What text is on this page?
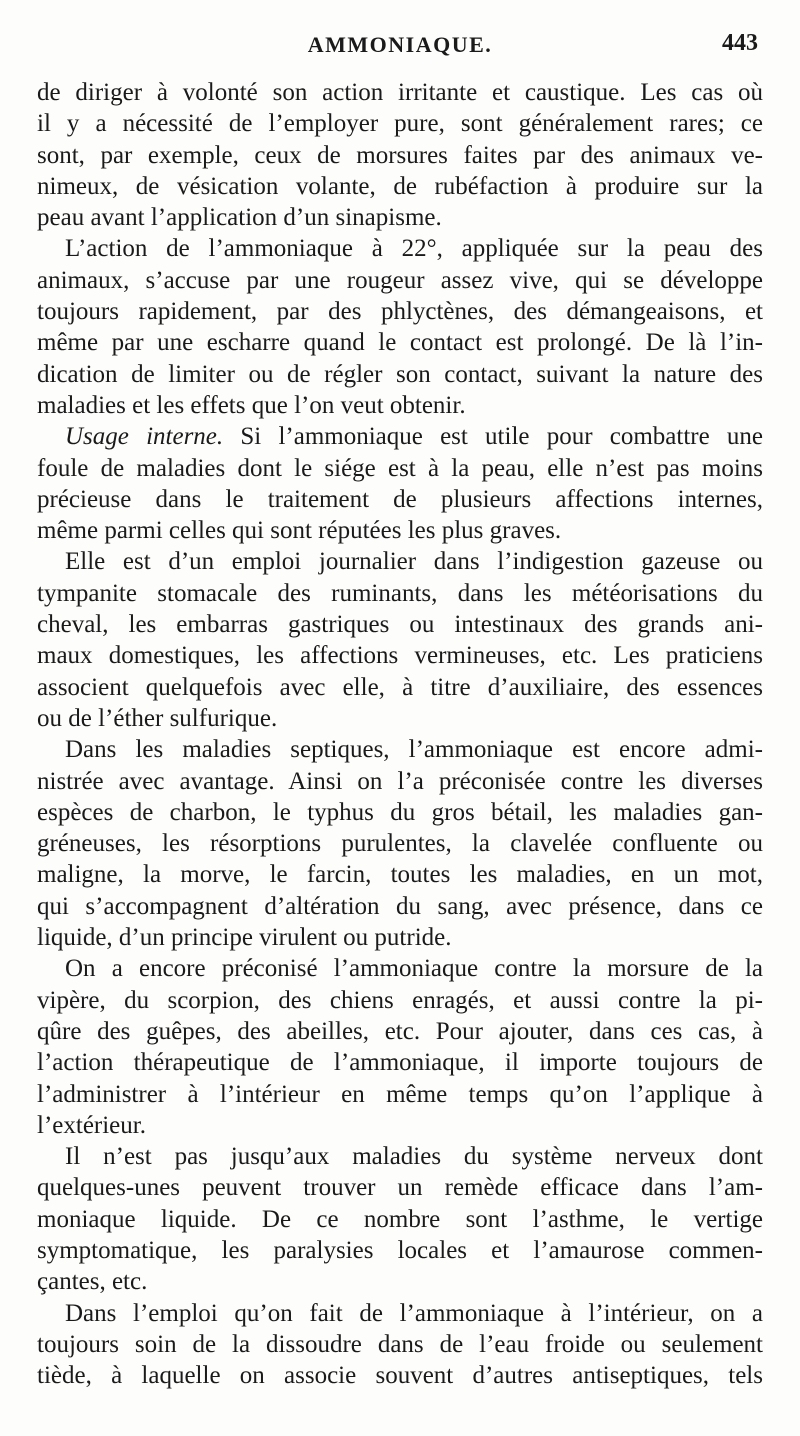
AMMONIAQUE.	443
de diriger à volonté son action irritante et caustique. Les cas où
il y a nécessité de l’employer pure, sont généralement rares; ce
sont, par exemple, ceux de morsures faites par des animaux ve-
nimeux, de vésication volante, de rubéfaction à produire sur la
peau avant l’application d’un sinapisme.
L’action de l’ammoniaque à 22°, appliquée sur la peau des
animaux, s’accuse par une rougeur assez vive, qui se développe
toujours rapidement, par des phlyctènes, des démangeaisons, et
même par une escharre quand le contact est prolongé. De là l’in-
dication de limiter ou de régler son contact, suivant la nature des
maladies et les effets que l’on veut obtenir.
Usage interne. Si l’ammoniaque est utile pour combattre une
foule de maladies dont le siége est à la peau, elle n’est pas moins
précieuse dans le traitement de plusieurs affections internes,
même parmi celles qui sont réputées les plus graves.
Elle est d’un emploi journalier dans l’indigestion gazeuse ou
tympanite stomacale des ruminants, dans les météorisations du
cheval, les embarras gastriques ou intestinaux des grands ani-
maux domestiques, les affections vermineuses, etc. Les praticiens
associent quelquefois avec elle, à titre d’auxiliaire, des essences
ou de l’éther sulfurique.
Dans les maladies septiques, l’ammoniaque est encore admi-
nistrée avec avantage. Ainsi on l’a préconisée contre les diverses
espèces de charbon, le typhus du gros bétail, les maladies gan-
gréneuses, les résorptions purulentes, la clavelée confluente ou
maligne, la morve, le farcin, toutes les maladies, en un mot,
qui s’accompagnent d’altération du sang, avec présence, dans ce
liquide, d’un principe virulent ou putride.
On a encore préconisé l’ammoniaque contre la morsure de la
vipère, du scorpion, des chiens enragés, et aussi contre la pi-
qûre des guêpes, des abeilles, etc. Pour ajouter, dans ces cas, à
l’action thérapeutique de l’ammoniaque, il importe toujours de
l’administrer à l’intérieur en même temps qu’on l’applique à
l’extérieur.
Il n’est pas jusqu’aux maladies du système nerveux dont
quelques-unes peuvent trouver un remède efficace dans l’am-
moniaque liquide. De ce nombre sont l’asthme, le vertige
symptomatique, les paralysies locales et l’amaurose commen-
çantes, etc.
Dans l’emploi qu’on fait de l’ammoniaque à l’intérieur, on a
toujours soin de la dissoudre dans de l’eau froide ou seulement
tiède, à laquelle on associe souvent d’autres antiseptiques, tels
